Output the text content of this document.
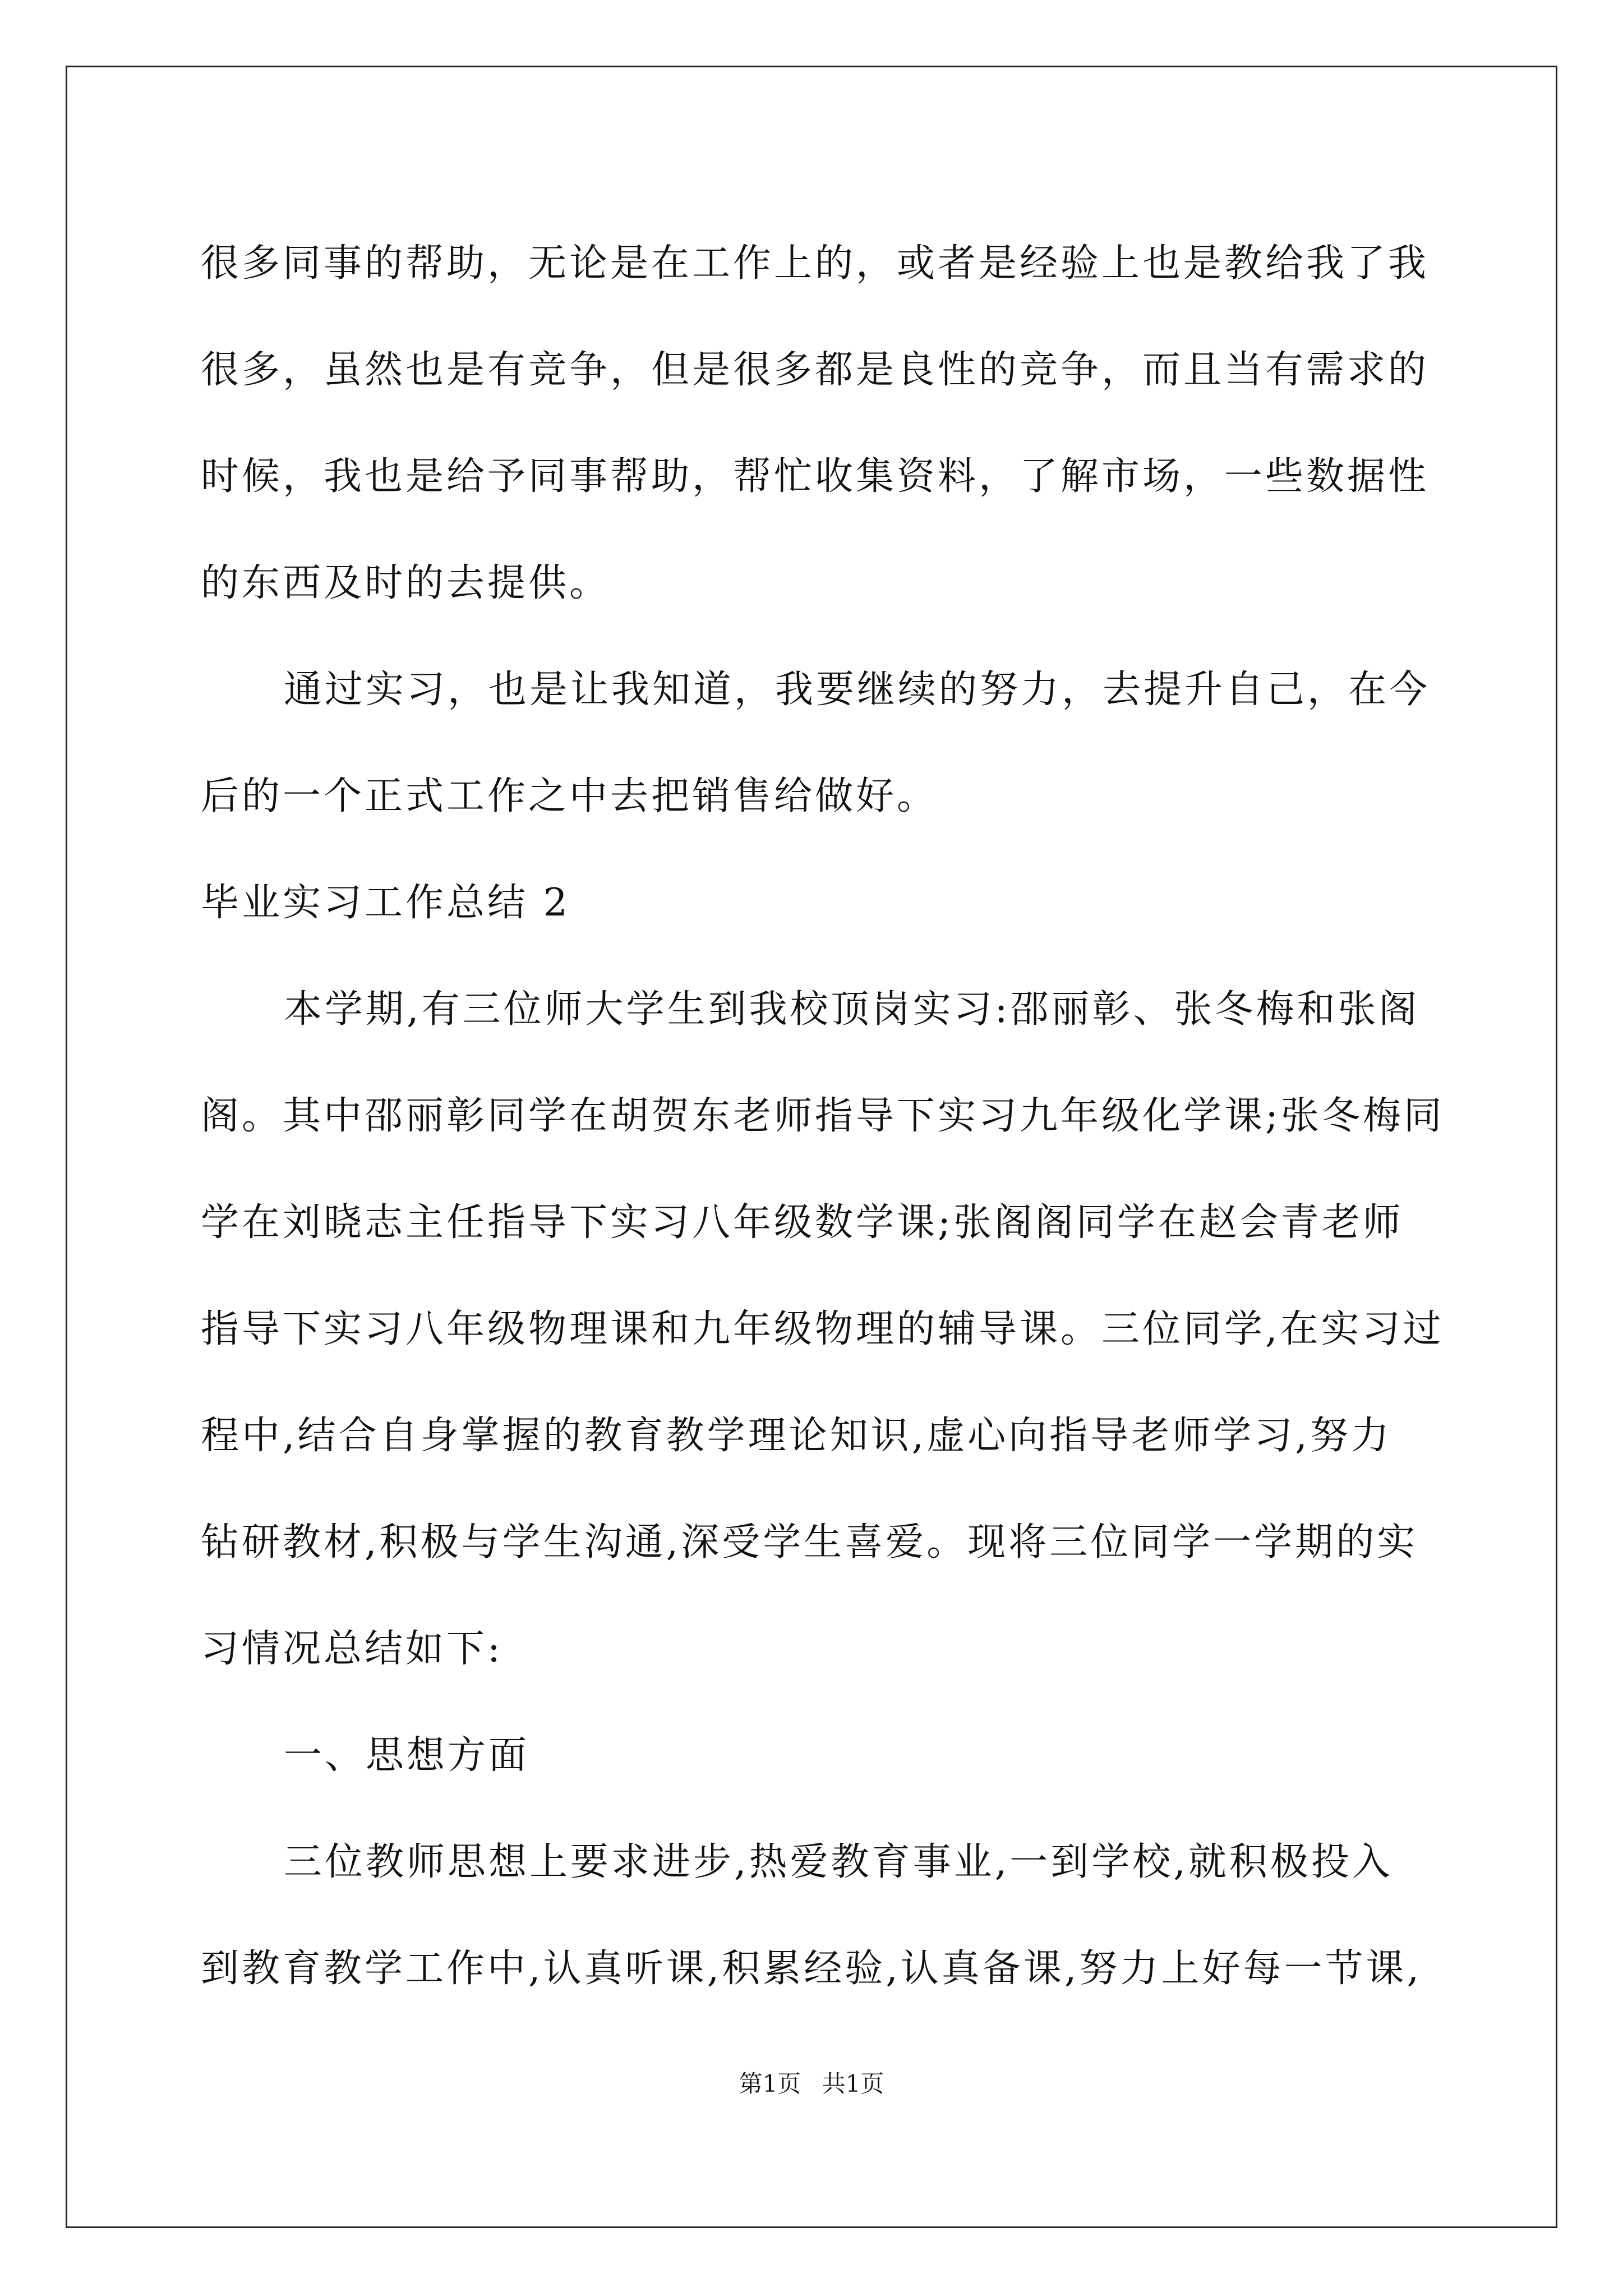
很多同事的帮助，无论是在工作上的，或者是经验上也是教给我了我
很多，虽然也是有竞争，但是很多都是良性的竞争，而且当有需求的
时候，我也是给予同事帮助，帮忙收集资料，了解市场，一些数据性
的东西及时的去提供。
通过实习，也是让我知道，我要继续的努力，去提升自己，在今
后的一个正式工作之中去把销售给做好。
毕业实习工作总结 2
本学期,有三位师大学生到我校顶岗实习:邵丽彰、张冬梅和张阁
阁。其中邵丽彰同学在胡贺东老师指导下实习九年级化学课;张冬梅同
学在刘晓志主任指导下实习八年级数学课;张阁阁同学在赵会青老师
指导下实习八年级物理课和九年级物理的辅导课。三位同学,在实习过
程中,结合自身掌握的教育教学理论知识,虚心向指导老师学习,努力
钻研教材,积极与学生沟通,深受学生喜爱。现将三位同学一学期的实
习情况总结如下:
一、思想方面
三位教师思想上要求进步,热爱教育事业,一到学校,就积极投入
到教育教学工作中,认真听课,积累经验,认真备课,努力上好每一节课,
第1页 共1页
